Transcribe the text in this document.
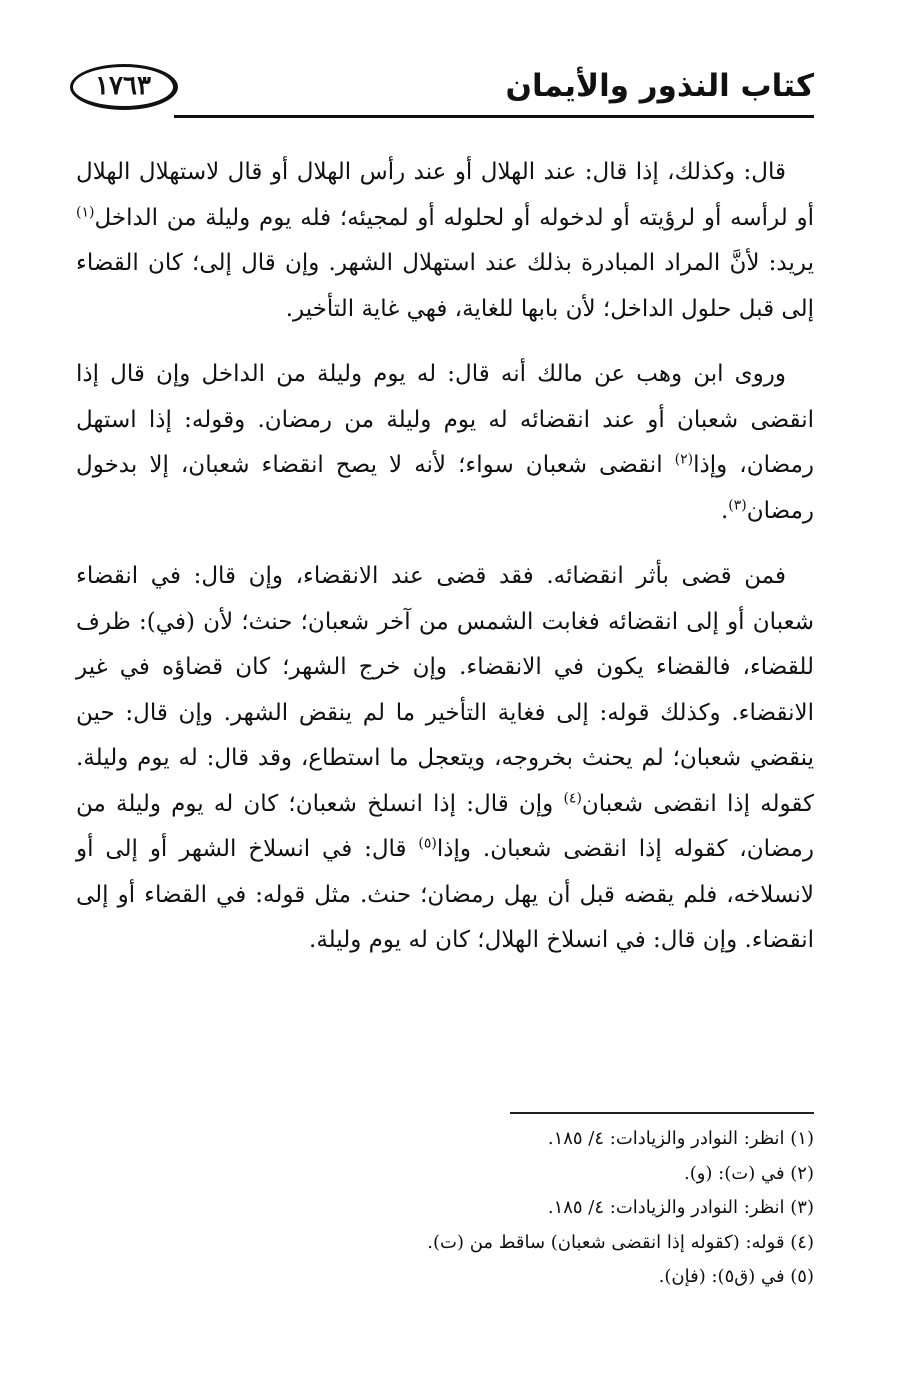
كتاب النذور والأيمان
١٧٦٣

قال: وكذلك، إذا قال: عند الهلال أو عند رأس الهلال أو قال لاستهلال الهلال أو لرأسه أو لرؤيته أو لدخوله أو لحلوله أو لمجيئه؛ فله يوم وليلة من الداخل$^{(١)}$ يريد: لأنَّ المراد المبادرة بذلك عند استهلال الشهر. وإن قال إلى؛ كان القضاء إلى قبل حلول الداخل؛ لأن بابها للغاية، فهي غاية التأخير.

وروى ابن وهب عن مالك أنه قال: له يوم وليلة من الداخل وإن قال إذا انقضى شعبان أو عند انقضائه له يوم وليلة من رمضان. وقوله: إذا استهل رمضان، وإذا$^{(٢)}$ انقضى شعبان سواء؛ لأنه لا يصح انقضاء شعبان، إلا بدخول رمضان$^{(٣)}$.

فمن قضى بأثر انقضائه. فقد قضى عند الانقضاء، وإن قال: في انقضاء شعبان أو إلى انقضائه فغابت الشمس من آخر شعبان؛ حنث؛ لأن (في): ظرف للقضاء، فالقضاء يكون في الانقضاء. وإن خرج الشهر؛ كان قضاؤه في غير الانقضاء. وكذلك قوله: إلى فغاية التأخير ما لم ينقض الشهر. وإن قال: حين ينقضي شعبان؛ لم يحنث بخروجه، ويتعجل ما استطاع، وقد قال: له يوم وليلة. كقوله إذا انقضى شعبان$^{(٤)}$ وإن قال: إذا انسلخ شعبان؛ كان له يوم وليلة من رمضان، كقوله إذا انقضى شعبان. وإذا$^{(٥)}$ قال: في انسلاخ الشهر أو إلى أو لانسلاخه، فلم يقضه قبل أن يهل رمضان؛ حنث. مثل قوله: في القضاء أو إلى انقضاء. وإن قال: في انسلاخ الهلال؛ كان له يوم وليلة.

(١) انظر: النوادر والزيادات: ٤/ ١٨٥.

(٢) في (ت): (و).

(٣) انظر: النوادر والزيادات: ٤/ ١٨٥.

(٤) قوله: (كقوله إذا انقضى شعبان) ساقط من (ت).

(٥) في (ق٥): (فإن).
